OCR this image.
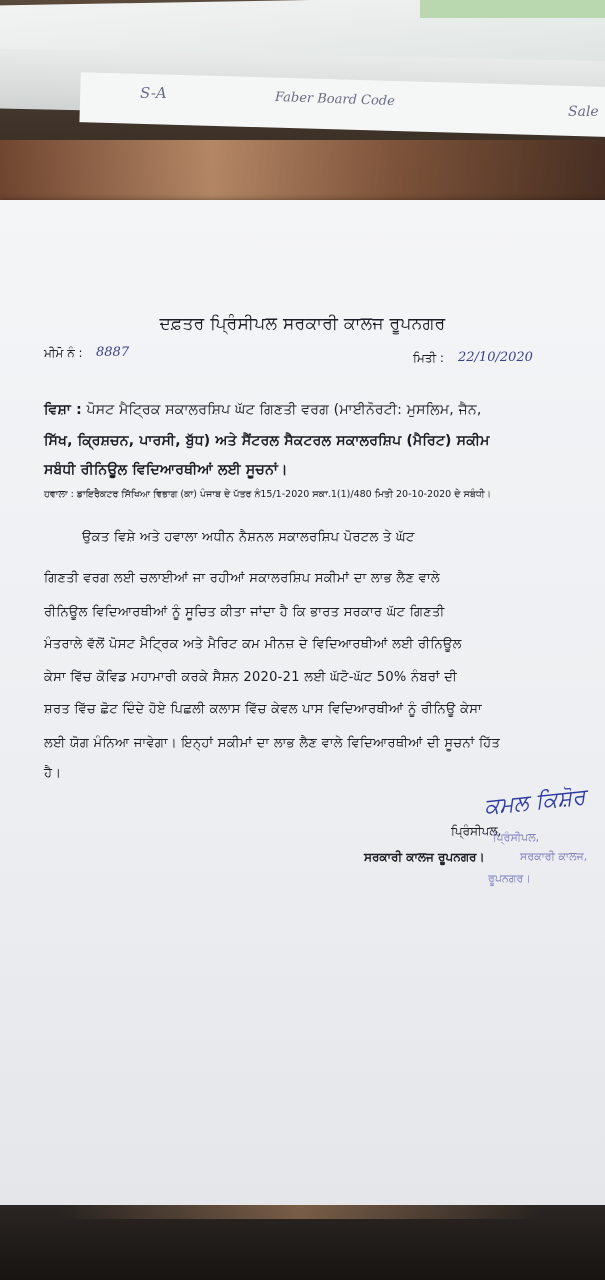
S-A	Faber Board Code
Sale
ਦਫ਼ਤਰ ਪ੍ਰਿੰਸੀਪਲ ਸਰਕਾਰੀ ਕਾਲਜ ਰੂਪਨਗਰ
ਮੀਮੋ ਨੰ : 8887	ਮਿਤੀ : 22/10/2020
ਵਿਸ਼ਾ : ਪੋਸਟ ਮੈਟ੍ਰਿਕ ਸਕਾਲਰਸ਼ਿਪ ਘੱਟ ਗਿਣਤੀ ਵਰਗ (ਮਾਈਨੋਰਟੀ: ਮੁਸਲਿਮ, ਜੈਨ,
ਸਿੱਖ, ਕ੍ਰਿਸ਼ਚਨ, ਪਾਰਸੀ, ਬੁੱਧ) ਅਤੇ ਸੈਂਟਰਲ ਸੈਕਟਰਲ ਸਕਾਲਰਸ਼ਿਪ (ਮੈਰਿਟ) ਸਕੀਮ
ਸਬੰਧੀ ਰੀਨਿਊਲ ਵਿਦਿਆਰਥੀਆਂ ਲਈ ਸੂਚਨਾਂ।
ਹਵਾਲਾ : ਡਾਇਰੈਕਟਰ ਸਿੱਖਿਆ ਵਿਭਾਗ (ਕਾ) ਪੰਜਾਬ ਦੇ ਪੱਤਰ ਨੰ15/1-2020 ਸਕਾ.1(1)/480 ਮਿਤੀ 20-10-2020 ਦੇ ਸਬੰਧੀ।
ਉਕਤ ਵਿਸ਼ੇ ਅਤੇ ਹਵਾਲਾ ਅਧੀਨ ਨੈਸ਼ਨਲ ਸਕਾਲਰਸ਼ਿਪ ਪੋਰਟਲ ਤੇ ਘੱਟ
ਗਿਣਤੀ ਵਰਗ ਲਈ ਚਲਾਈਆਂ ਜਾ ਰਹੀਆਂ ਸਕਾਲਰਸ਼ਿਪ ਸਕੀਮਾਂ ਦਾ ਲਾਭ ਲੈਣ ਵਾਲੇ
ਰੀਨਿਊਲ ਵਿਦਿਆਰਥੀਆਂ ਨੂੰ ਸੂਚਿਤ ਕੀਤਾ ਜਾਂਦਾ ਹੈ ਕਿ ਭਾਰਤ ਸਰਕਾਰ ਘੱਟ ਗਿਣਤੀ
ਮੰਤਰਾਲੇ ਵੱਲੋਂ ਪੋਸਟ ਮੈਟ੍ਰਿਕ ਅਤੇ ਮੈਰਿਟ ਕਮ ਮੀਨਜ਼ ਦੇ ਵਿਦਿਆਰਥੀਆਂ ਲਈ ਰੀਨਿਊਲ
ਕੇਸਾ ਵਿੱਚ ਕੋਵਿਡ ਮਹਾਮਾਰੀ ਕਰਕੇ ਸੈਸ਼ਨ 2020-21 ਲਈ ਘੱਟੋ-ਘੱਟ 50% ਨੰਬਰਾਂ ਦੀ
ਸ਼ਰਤ ਵਿੱਚ ਛੋਟ ਦਿੰਦੇ ਹੋਏ ਪਿਛਲੀ ਕਲਾਸ ਵਿੱਚ ਕੇਵਲ ਪਾਸ ਵਿਦਿਆਰਥੀਆਂ ਨੂੰ ਰੀਨਿਊ ਕੇਸਾ
ਲਈ ਯੋਗ ਮੰਨਿਆ ਜਾਵੇਗਾ। ਇਨ੍ਹਾਂ ਸਕੀਮਾਂ ਦਾ ਲਾਭ ਲੈਣ ਵਾਲੇ ਵਿਦਿਆਰਥੀਆਂ ਦੀ ਸੂਚਨਾਂ ਹਿੱਤ
ਹੈ।
ਕਮਲ ਕਿਸ਼ੋਰ
ਪ੍ਰਿੰਸੀਪਲ,
ਸਰਕਾਰੀ ਕਾਲਜ,
ਰੂਪਨਗਰ।
ਪ੍ਰਿੰਸੀਪਲ,
ਸਰਕਾਰੀ ਕਾਲਜ ਰੂਪਨਗਰ।
